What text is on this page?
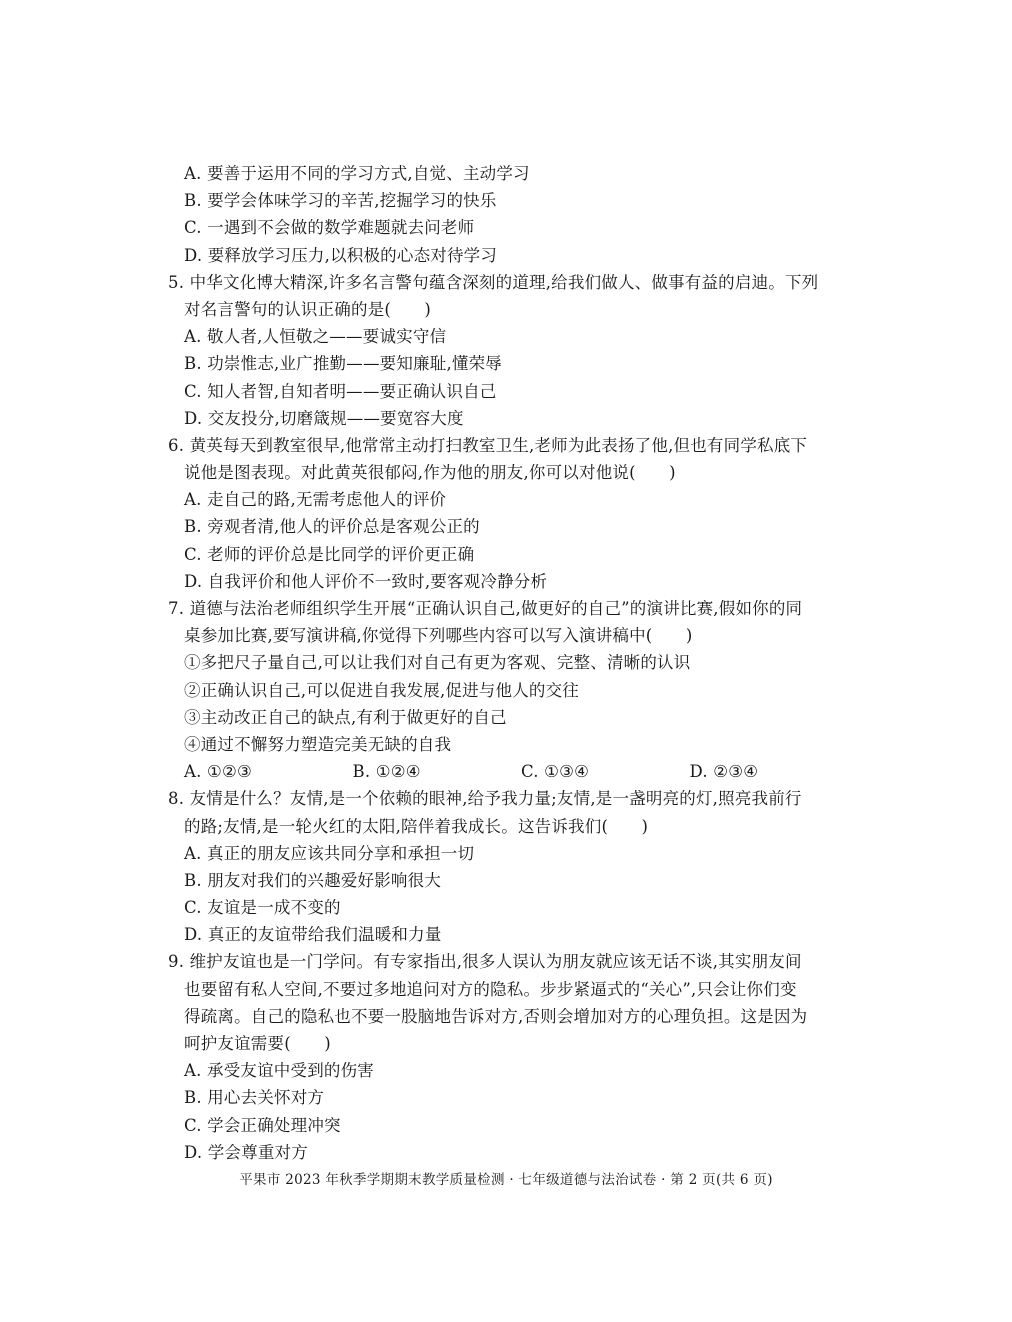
A. 要善于运用不同的学习方式,自觉、主动学习
B. 要学会体味学习的辛苦,挖掘学习的快乐
C. 一遇到不会做的数学难题就去问老师
D. 要释放学习压力,以积极的心态对待学习
5. 中华文化博大精深,许多名言警句蕴含深刻的道理,给我们做人、做事有益的启迪。下列
对名言警句的认识正确的是(　　)
A. 敬人者,人恒敬之——要诚实守信
B. 功崇惟志,业广推勤——要知廉耻,懂荣辱
C. 知人者智,自知者明——要正确认识自己
D. 交友投分,切磨箴规——要宽容大度
6. 黄英每天到教室很早,他常常主动打扫教室卫生,老师为此表扬了他,但也有同学私底下
说他是图表现。对此黄英很郁闷,作为他的朋友,你可以对他说(　　)
A. 走自己的路,无需考虑他人的评价
B. 旁观者清,他人的评价总是客观公正的
C. 老师的评价总是比同学的评价更正确
D. 自我评价和他人评价不一致时,要客观冷静分析
7. 道德与法治老师组织学生开展“正确认识自己,做更好的自己”的演讲比赛,假如你的同
桌参加比赛,要写演讲稿,你觉得下列哪些内容可以写入演讲稿中(　　)
①多把尺子量自己,可以让我们对自己有更为客观、完整、清晰的认识
②正确认识自己,可以促进自我发展,促进与他人的交往
③主动改正自己的缺点,有利于做更好的自己
④通过不懈努力塑造完美无缺的自我
A. ①②③	B. ①②④	C. ①③④	D. ②③④
8. 友情是什么？友情,是一个依赖的眼神,给予我力量;友情,是一盏明亮的灯,照亮我前行
的路;友情,是一轮火红的太阳,陪伴着我成长。这告诉我们(　　)
A. 真正的朋友应该共同分享和承担一切
B. 朋友对我们的兴趣爱好影响很大
C. 友谊是一成不变的
D. 真正的友谊带给我们温暖和力量
9. 维护友谊也是一门学问。有专家指出,很多人误认为朋友就应该无话不谈,其实朋友间
也要留有私人空间,不要过多地追问对方的隐私。步步紧逼式的“关心”,只会让你们变
得疏离。自己的隐私也不要一股脑地告诉对方,否则会增加对方的心理负担。这是因为
呵护友谊需要(　　)
A. 承受友谊中受到的伤害
B. 用心去关怀对方
C. 学会正确处理冲突
D. 学会尊重对方
平果市 2023 年秋季学期期末教学质量检测 · 七年级道德与法治试卷 · 第 2 页(共 6 页)
